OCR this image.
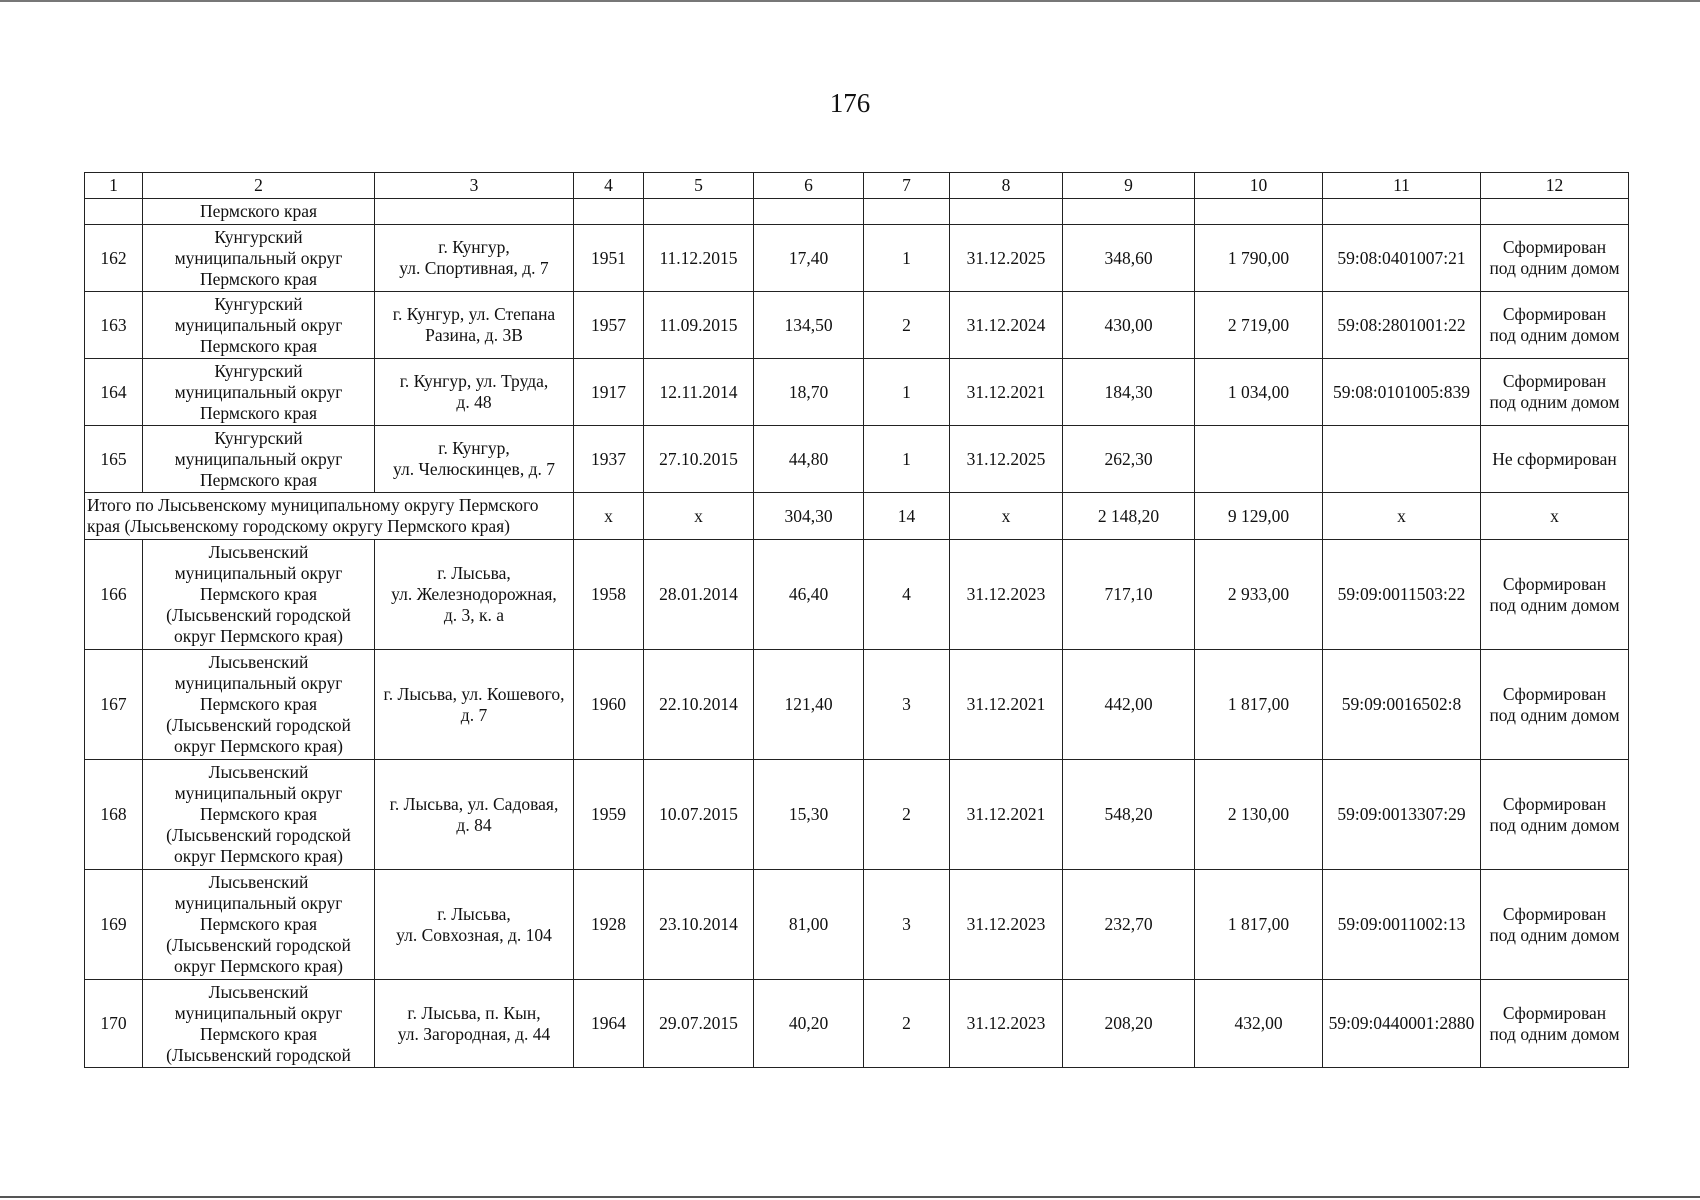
176
1	2	3	4	5	6	7	8	9	10	11	12

	Пермского края										

162	Кунгурский
муниципальный округ
Пермского края	г. Кунгур,
ул. Спортивная, д. 7	1951	11.12.2015	17,40	1	31.12.2025	348,60	1 790,00	59:08:0401007:21	Сформирован
под одним домом

163	Кунгурский
муниципальный округ
Пермского края	г. Кунгур, ул. Степана
Разина, д. 3В	1957	11.09.2015	134,50	2	31.12.2024	430,00	2 719,00	59:08:2801001:22	Сформирован
под одним домом

164	Кунгурский
муниципальный округ
Пермского края	г. Кунгур, ул. Труда,
д. 48	1917	12.11.2014	18,70	1	31.12.2021	184,30	1 034,00	59:08:0101005:839	Сформирован
под одним домом

165	Кунгурский
муниципальный округ
Пермского края	г. Кунгур,
ул. Челюскинцев, д. 7	1937	27.10.2015	44,80	1	31.12.2025	262,30			Не сформирован

Итого по Лысьвенскому муниципальному округу Пермского края (Лысьвенскому городскому округу Пермского края)			х	х	304,30	14	х	2 148,20	9 129,00	х	х

166	Лысьвенский
муниципальный округ
Пермского края
(Лысьвенский городской
округ Пермского края)	г. Лысьва,
ул. Железнодорожная,
д. 3, к. а	1958	28.01.2014	46,40	4	31.12.2023	717,10	2 933,00	59:09:0011503:22	Сформирован
под одним домом

167	Лысьвенский
муниципальный округ
Пермского края
(Лысьвенский городской
округ Пермского края)	г. Лысьва, ул. Кошевого,
д. 7	1960	22.10.2014	121,40	3	31.12.2021	442,00	1 817,00	59:09:0016502:8	Сформирован
под одним домом

168	Лысьвенский
муниципальный округ
Пермского края
(Лысьвенский городской
округ Пермского края)	г. Лысьва, ул. Садовая,
д. 84	1959	10.07.2015	15,30	2	31.12.2021	548,20	2 130,00	59:09:0013307:29	Сформирован
под одним домом

169	Лысьвенский
муниципальный округ
Пермского края
(Лысьвенский городской
округ Пермского края)	г. Лысьва,
ул. Совхозная, д. 104	1928	23.10.2014	81,00	3	31.12.2023	232,70	1 817,00	59:09:0011002:13	Сформирован
под одним домом

170	Лысьвенский
муниципальный округ
Пермского края
(Лысьвенский городской	г. Лысьва, п. Кын,
ул. Загородная, д. 44	1964	29.07.2015	40,20	2	31.12.2023	208,20	432,00	59:09:0440001:2880	Сформирован
под одним домом
